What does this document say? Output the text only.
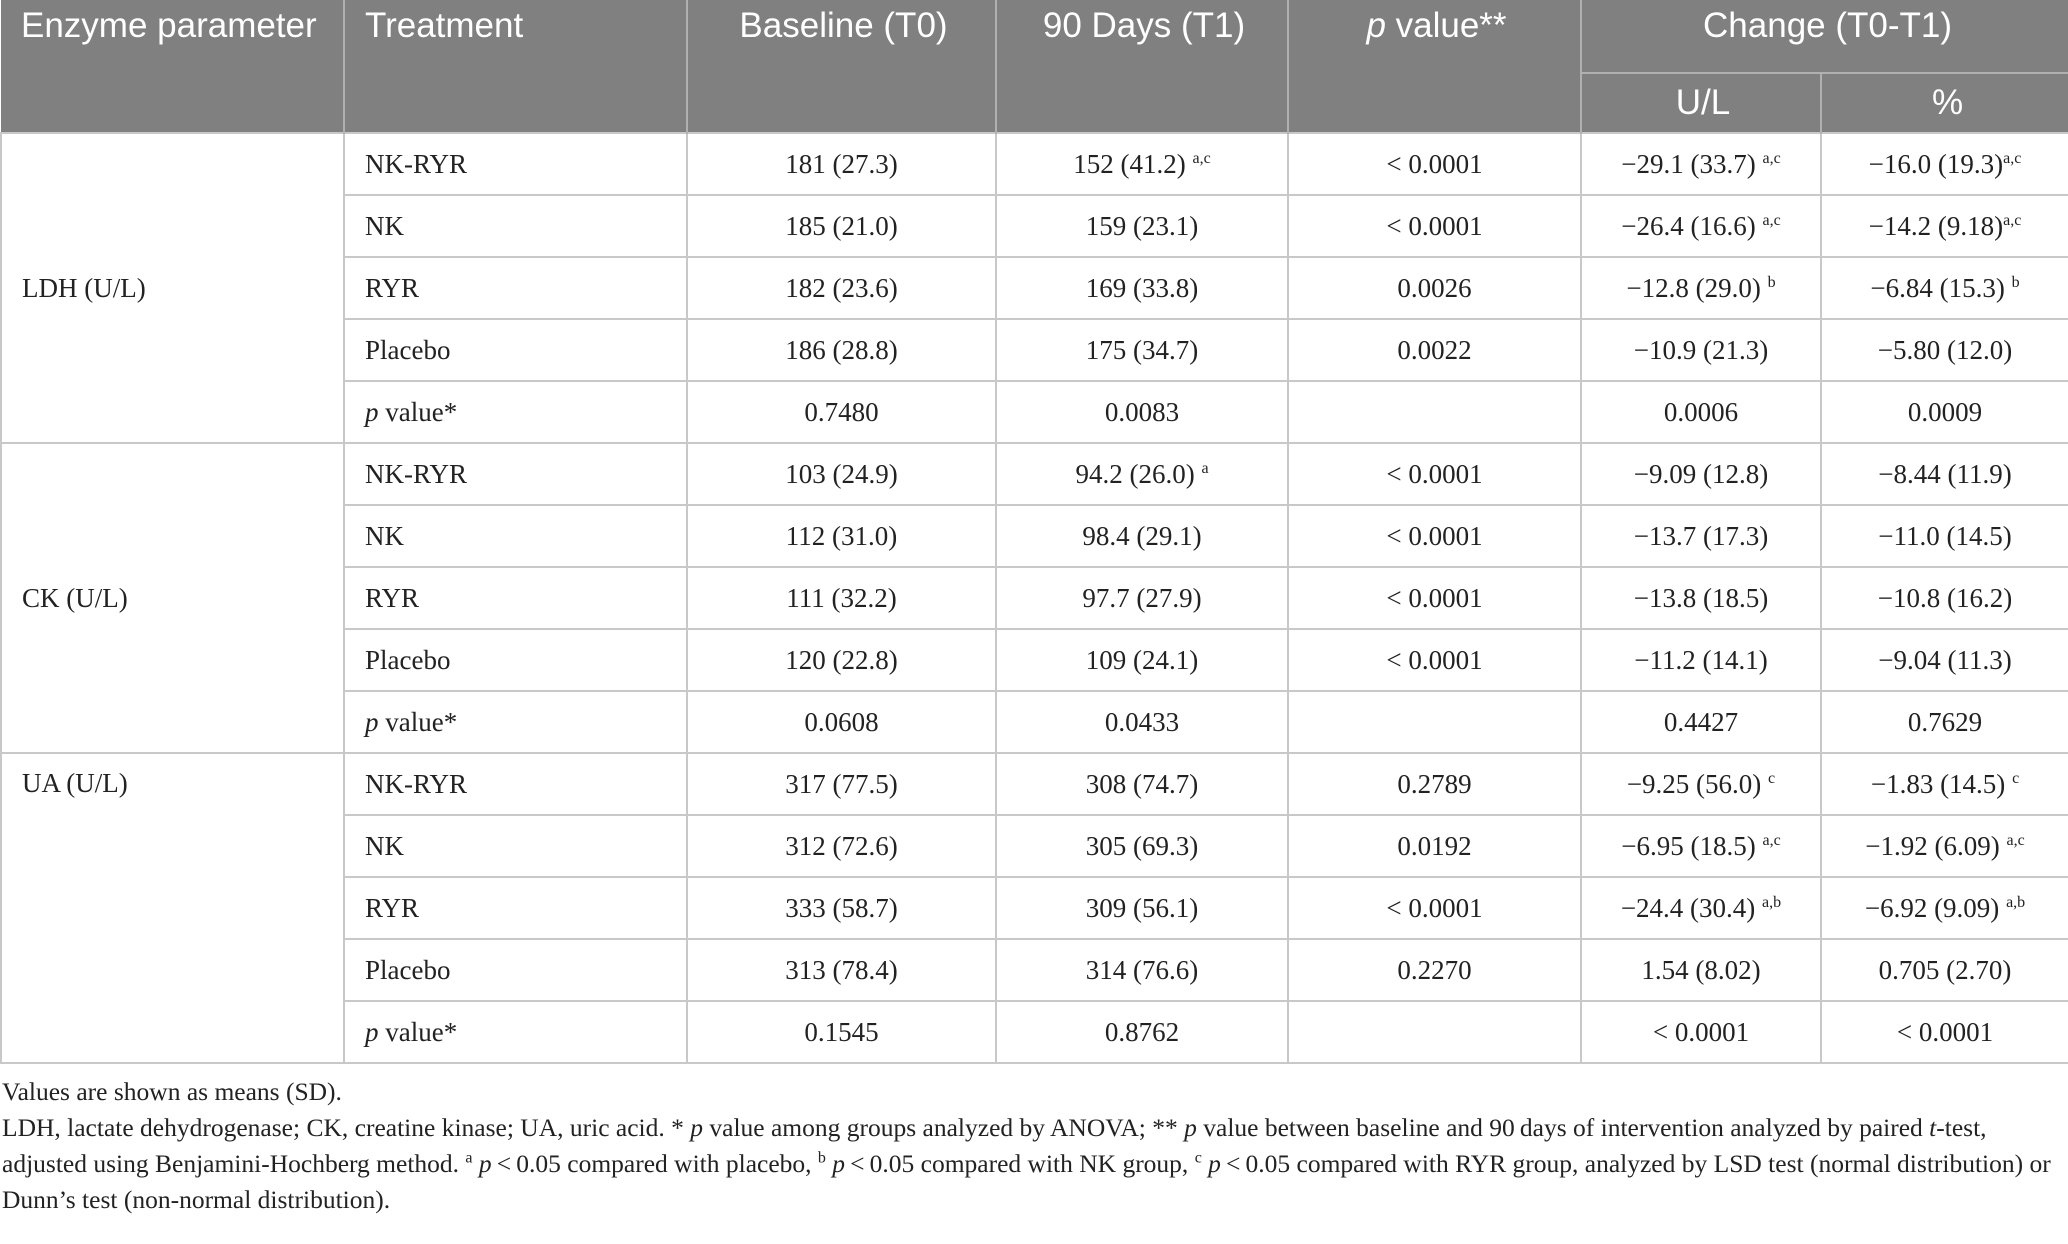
Enzyme parameter	Treatment	Baseline (T0)	90 Days (T1)	p value**	Change (T0-T1)	
					U/L	%
LDH (U/L)	NK-RYR	181 (27.3)	152 (41.2) $^{a,c}$	< 0.0001	−29.1 (33.7) $^{a,c}$	−16.0 $(19.3)^{a,c}$
	NK	185 (21.0)	159 (23.1)	< 0.0001	−26.4 (16.6) $^{a,c}$	−14.2 $(9.18)^{a,c}$
	RYR	182 (23.6)	169 (33.8)	0.0026	−12.8 (29.0) $^b$	−6.84 (15.3) $^b$
	Placebo	186 (28.8)	175 (34.7)	0.0022	−10.9 (21.3)	−5.80 (12.0)
	p value*	0.7480	0.0083		0.0006	0.0009
CK (U/L)	NK-RYR	103 (24.9)	94.2 (26.0) $^a$	< 0.0001	−9.09 (12.8)	−8.44 (11.9)
	NK	112 (31.0)	98.4 (29.1)	< 0.0001	−13.7 (17.3)	−11.0 (14.5)
	RYR	111 (32.2)	97.7 (27.9)	< 0.0001	−13.8 (18.5)	−10.8 (16.2)
	Placebo	120 (22.8)	109 (24.1)	< 0.0001	−11.2 (14.1)	−9.04 (11.3)
	p value*	0.0608	0.0433		0.4427	0.7629
UA (U/L)	NK-RYR	317 (77.5)	308 (74.7)	0.2789	−9.25 (56.0) $^c$	−1.83 (14.5) $^c$
	NK	312 (72.6)	305 (69.3)	0.0192	−6.95 (18.5) $^{a,c}$	−1.92 (6.09) $^{a,c}$
	RYR	333 (58.7)	309 (56.1)	< 0.0001	−24.4 (30.4) $^{a,b}$	−6.92 (9.09) $^{a,b}$
	Placebo	313 (78.4)	314 (76.6)	0.2270	1.54 (8.02)	0.705 (2.70)
	p value*	0.1545	0.8762		< 0.0001	< 0.0001

Values are shown as means (SD).

LDH, lactate dehydrogenase; CK, creatine kinase; UA, uric acid. * p value among groups analyzed by ANOVA; ** p value between baseline and 90 days of intervention analyzed by paired t-test, adjusted using Benjamini-Hochberg method. $^a$ p < 0.05 compared with placebo, $^b$ p < 0.05 compared with NK group, $^c$ p < 0.05 compared with RYR group, analyzed by LSD test (normal distribution) or Dunn’s test (non-normal distribution).
